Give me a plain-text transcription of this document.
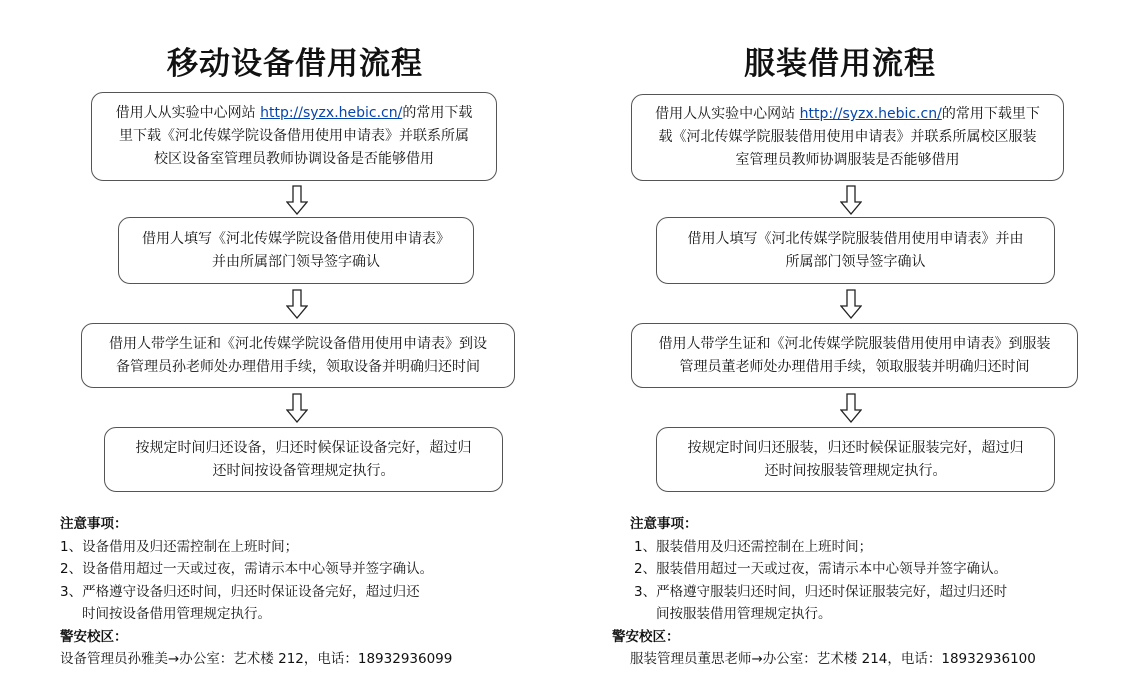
移动设备借用流程
借用人从实验中心网站 http://syzx.hebic.cn/的常用下载
里下载《河北传媒学院设备借用使用申请表》并联系所属
校区设备室管理员教师协调设备是否能够借用
借用人填写《河北传媒学院设备借用使用申请表》
并由所属部门领导签字确认
借用人带学生证和《河北传媒学院设备借用使用申请表》到设
备管理员孙老师处办理借用手续，领取设备并明确归还时间
按规定时间归还设备，归还时候保证设备完好，超过归
还时间按设备管理规定执行。
注意事项：
1、设备借用及归还需控制在上班时间；
2、设备借用超过一天或过夜，需请示本中心领导并签字确认。
3、严格遵守设备归还时间，归还时保证设备完好，超过归还
时间按设备借用管理规定执行。
警安校区：
设备管理员孙雅美→办公室：艺术楼 212，电话：18932936099
服装借用流程
借用人从实验中心网站 http://syzx.hebic.cn/的常用下载里下
载《河北传媒学院服装借用使用申请表》并联系所属校区服装
室管理员教师协调服装是否能够借用
借用人填写《河北传媒学院服装借用使用申请表》并由
所属部门领导签字确认
借用人带学生证和《河北传媒学院服装借用使用申请表》到服装
管理员董老师处办理借用手续，领取服装并明确归还时间
按规定时间归还服装，归还时候保证服装完好，超过归
还时间按服装管理规定执行。
注意事项：
1、服装借用及归还需控制在上班时间；
2、服装借用超过一天或过夜，需请示本中心领导并签字确认。
3、严格遵守服装归还时间，归还时保证服装完好，超过归还时
间按服装借用管理规定执行。
警安校区：
服装管理员董思老师→办公室：艺术楼 214，电话：18932936100
